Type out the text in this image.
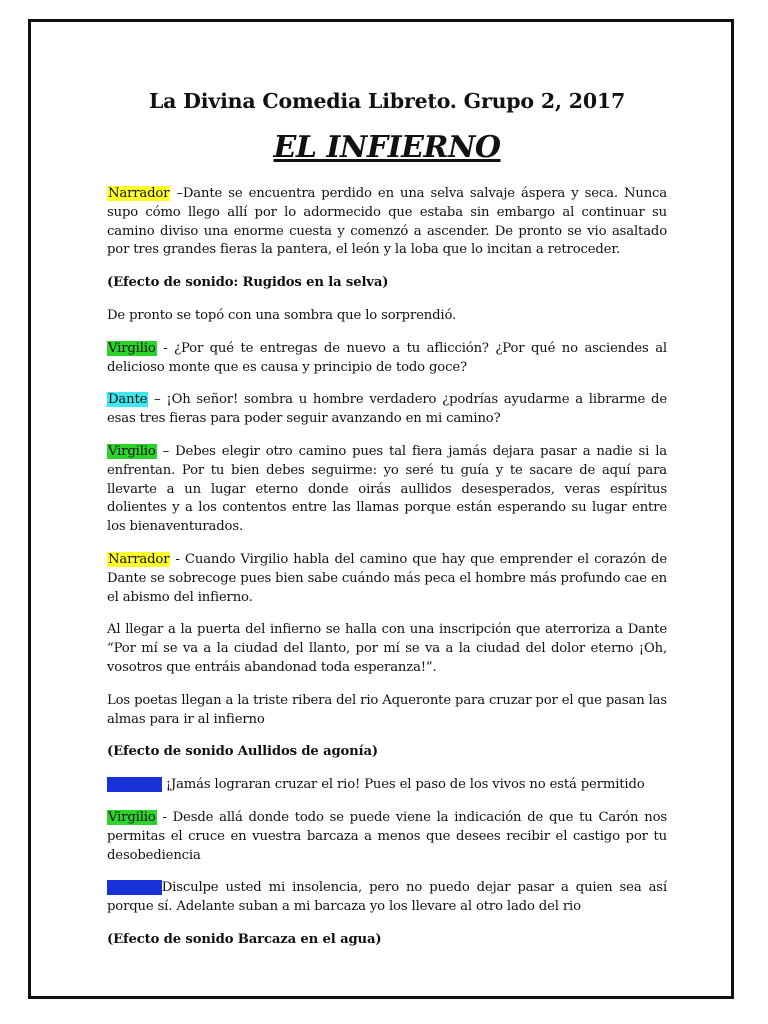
La Divina Comedia Libreto. Grupo 2, 2017
EL INFIERNO

Narrador –Dante se encuentra perdido en una selva salvaje áspera y seca. Nunca supo cómo llego allí por lo adormecido que estaba sin embargo al continuar su camino diviso una enorme cuesta y comenzó a ascender. De pronto se vio asaltado por tres grandes fieras la pantera, el león y la loba que lo incitan a retroceder.

(Efecto de sonido: Rugidos en la selva)

De pronto se topó con una sombra que lo sorprendió.

Virgilio - ¿Por qué te entregas de nuevo a tu aflicción? ¿Por qué no asciendes al delicioso monte que es causa y principio de todo goce?

Dante – ¡Oh señor! sombra u hombre verdadero ¿podrías ayudarme a librarme de esas tres fieras para poder seguir avanzando en mi camino?

Virgilio – Debes elegir otro camino pues tal fiera jamás dejara pasar a nadie si la enfrentan. Por tu bien debes seguirme: yo seré tu guía y te sacare de aquí para llevarte a un lugar eterno donde oirás aullidos desesperados, veras espíritus dolientes y a los contentos entre las llamas porque están esperando su lugar entre los bienaventurados.

Narrador - Cuando Virgilio habla del camino que hay que emprender el corazón de Dante se sobrecoge pues bien sabe cuándo más peca el hombre más profundo cae en el abismo del infierno.

Al llegar a la puerta del infierno se halla con una inscripción que aterroriza a Dante “Por mí se va a la ciudad del llanto, por mí se va a la ciudad del dolor eterno ¡Oh, vosotros que entráis abandonad toda esperanza!”.

Los poetas llegan a la triste ribera del rio Aqueronte para cruzar por el que pasan las almas para ir al infierno

(Efecto de sonido Aullidos de agonía)

Caronte ¡Jamás lograran cruzar el rio! Pues el paso de los vivos no está permitido

Virgilio - Desde allá donde todo se puede viene la indicación de que tu Carón nos permitas el cruce en vuestra barcaza a menos que desees recibir el castigo por tu desobediencia

CaronteDisculpe usted mi insolencia, pero no puedo dejar pasar a quien sea así porque sí. Adelante suban a mi barcaza yo los llevare al otro lado del rio

(Efecto de sonido Barcaza en el agua)
